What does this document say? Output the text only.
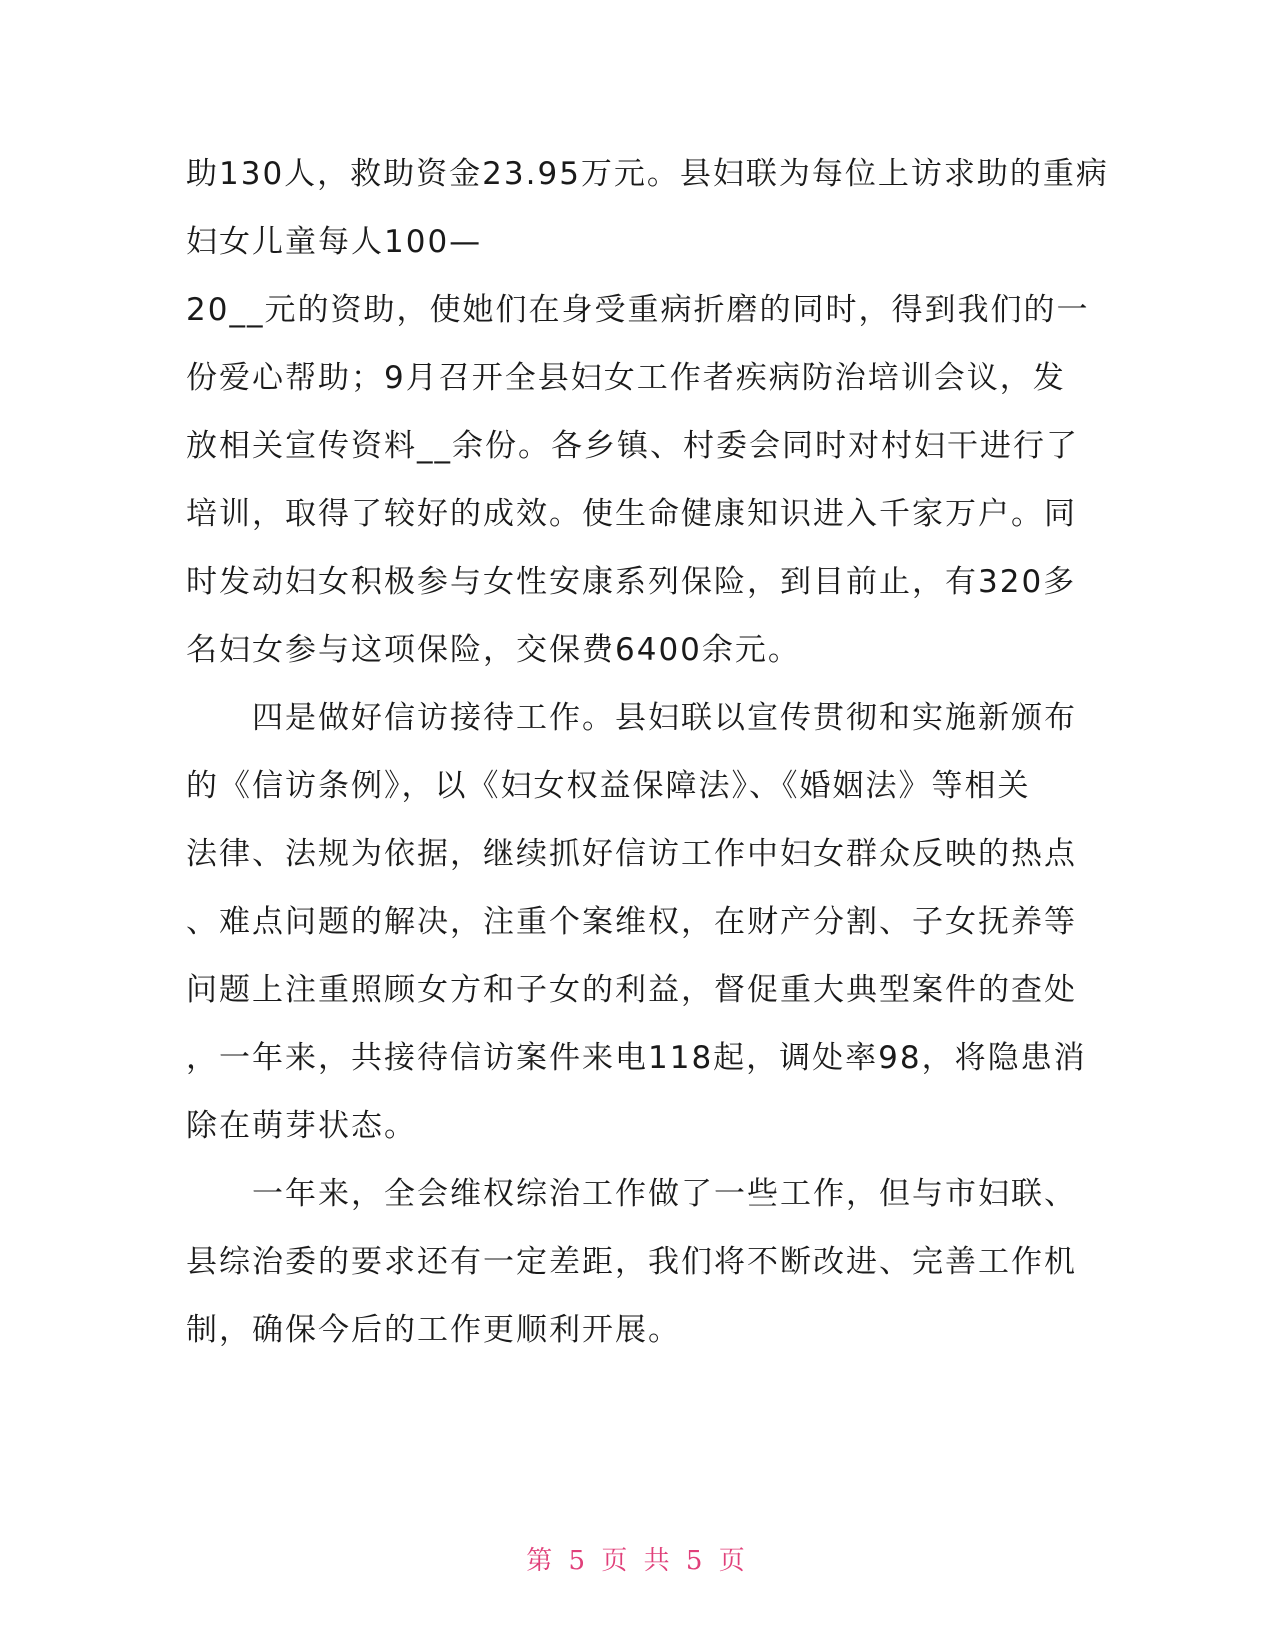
助130人，救助资金23.95万元。县妇联为每位上访求助的重病
妇女儿童每人100—
20__元的资助，使她们在身受重病折磨的同时，得到我们的一
份爱心帮助；9月召开全县妇女工作者疾病防治培训会议，发
放相关宣传资料__余份。各乡镇、村委会同时对村妇干进行了
培训，取得了较好的成效。使生命健康知识进入千家万户。同
时发动妇女积极参与女性安康系列保险，到目前止，有320多
名妇女参与这项保险，交保费6400余元。
　　四是做好信访接待工作。县妇联以宣传贯彻和实施新颁布
的《信访条例》，以《妇女权益保障法》、《婚姻法》等相关
法律、法规为依据，继续抓好信访工作中妇女群众反映的热点
、难点问题的解决，注重个案维权，在财产分割、子女抚养等
问题上注重照顾女方和子女的利益，督促重大典型案件的查处
，一年来，共接待信访案件来电118起，调处率98，将隐患消
除在萌芽状态。
　　一年来，全会维权综治工作做了一些工作，但与市妇联、
县综治委的要求还有一定差距，我们将不断改进、完善工作机
制，确保今后的工作更顺利开展。
第 5 页 共 5 页
